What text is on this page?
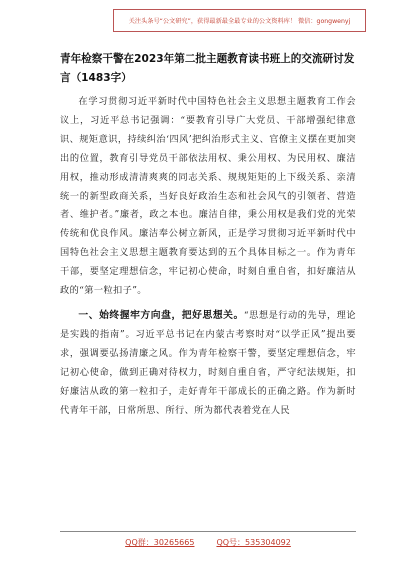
关注头条号“公文研究”，获得最新最全最专业的公文资料库！ 微信：gongwenyj
青年检察干警在2023年第二批主题教育读书班上的交流研讨发言（1483字）

在学习贯彻习近平新时代中国特色社会主义思想主题教育工作会议上，习近平总书记强调：“要教育引导广大党员、干部增强纪律意识、规矩意识，持续纠治‘四风’把纠治形式主义、官僚主义摆在更加突出的位置，教育引导党员干部依法用权、秉公用权、为民用权、廉洁用权，推动形成清清爽爽的同志关系、规规矩矩的上下级关系、亲清统一的新型政商关系，当好良好政治生态和社会风气的引领者、营造者、维护者。”廉者，政之本也。廉洁自律，秉公用权是我们党的光荣传统和优良作风。廉洁奉公树立新风，正是学习贯彻习近平新时代中国特色社会主义思想主题教育要达到的五个具体目标之一。作为青年干部，要坚定理想信念，牢记初心使命，时刻自重自省，扣好廉洁从政的“第一粒扣子”。

一、始终握牢方向盘，把好思想关。“思想是行动的先导，理论是实践的指南”。习近平总书记在内蒙古考察时对“以学正风”提出要求，强调要弘扬清廉之风。作为青年检察干警，要坚定理想信念，牢记初心使命，做到正确对待权力，时刻自重自省，严守纪法规矩，扣好廉洁从政的第一粒扣子，走好青年干部成长的正确之路。作为新时代青年干部，日常所思、所行、所为都代表着党在人民

QQ群：30265665	QQ号：535304092
